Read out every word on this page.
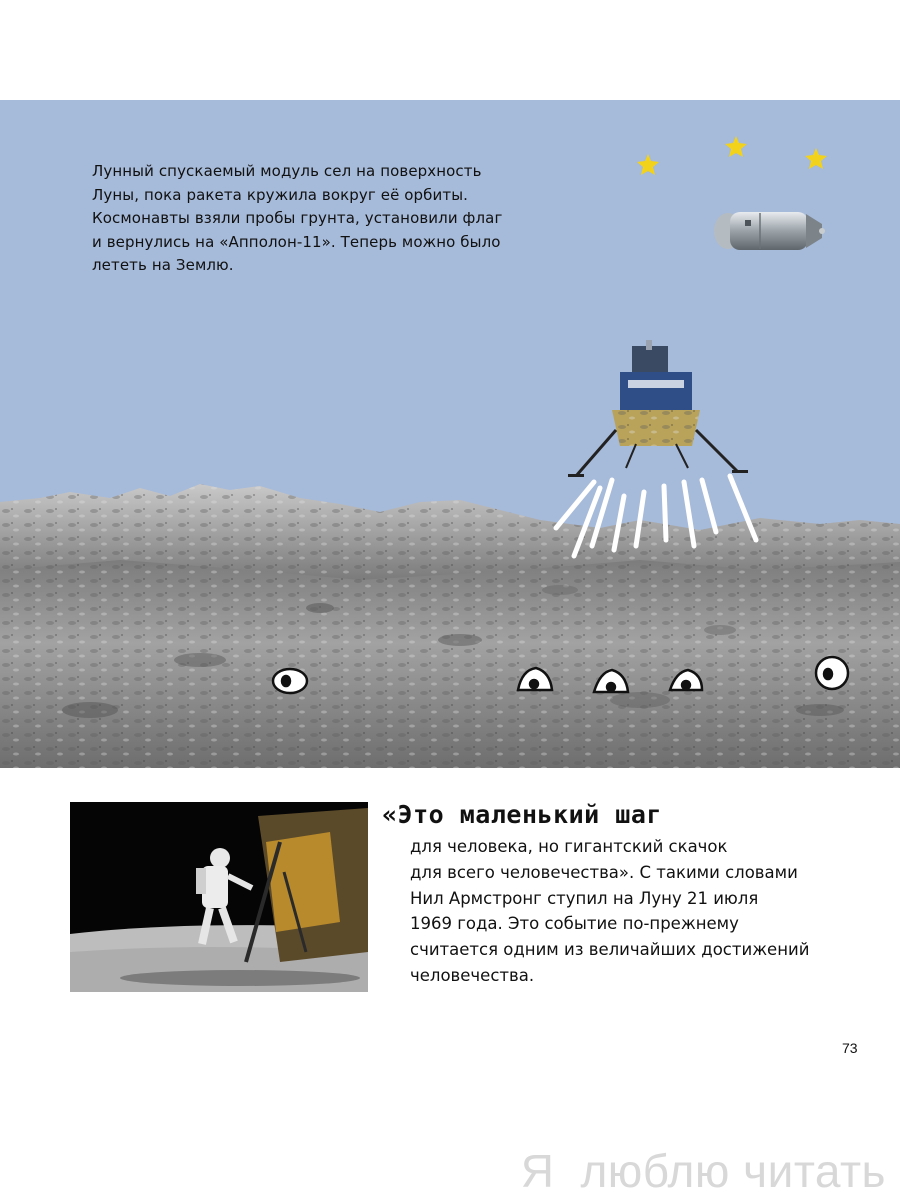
Лунный спускаемый модуль сел на поверхность Луны, пока ракета кружила вокруг её орбиты. Космонавты взяли пробы грунта, установили флаг и вернулись на «Апполон-11». Теперь можно было лететь на Землю.

«Это маленький шаг

для человека, но гигантский скачок
для всего человечества». С такими словами
Нил Армстронг ступил на Луну 21 июля
1969 года. Это событие по-прежнему
считается одним из величайших достижений
человечества.

73
Я люблю читать
